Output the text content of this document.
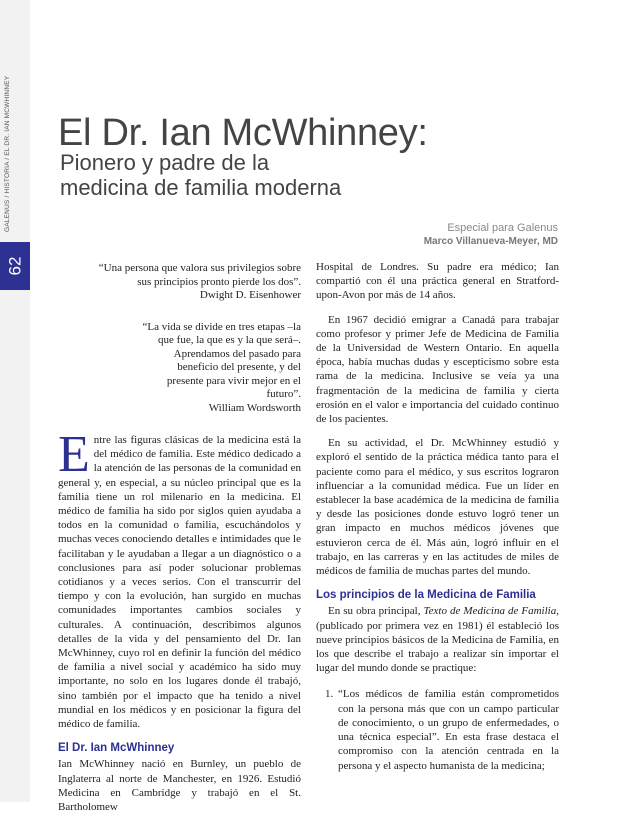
62
El Dr. Ian McWhinney:
Pionero y padre de la
medicina de familia moderna
Especial para Galenus
Marco Villanueva-Meyer, MD
“Una persona que valora sus privilegios sobre sus principios pronto pierde los dos”.
Dwight D. Eisenhower
“La vida se divide en tres etapas –la que fue, la que es y la que será–. Aprendamos del pasado para beneficio del presente, y del presente para vivir mejor en el futuro”.
William Wordsworth

Entre las figuras clásicas de la medicina está la del médico de familia. Este médico dedicado a la atención de las personas de la comunidad en general y, en especial, a su núcleo principal que es la familia tiene un rol milenario en la medicina. El médico de familia ha sido por siglos quien ayudaba a todos en la comunidad o familia, escuchándolos y muchas veces conociendo detalles e intimidades que le facilitaban y le ayudaban a llegar a un diagnóstico o a conclusiones para así poder solucionar problemas cotidianos y a veces serios. Con el transcurrir del tiempo y con la evolución, han surgido en muchas comunidades importantes cambios sociales y culturales. A continuación, describimos algunos detalles de la vida y del pensamiento del Dr. Ian McWhinney, cuyo rol en definir la función del médico de familia a nivel social y académico ha sido muy importante, no solo en los lugares donde él trabajó, sino también por el impacto que ha tenido a nivel mundial en los médicos y en posicionar la figura del médico de familia.

El Dr. Ian McWhinney

Ian McWhinney nació en Burnley, un pueblo de Inglaterra al norte de Manchester, en 1926. Estudió Medicina en Cambridge y trabajó en el St. Bartholomew

Hospital de Londres. Su padre era médico; Ian compartió con él una práctica general en Stratford-upon-Avon por más de 14 años.

En 1967 decidió emigrar a Canadá para trabajar como profesor y primer Jefe de Medicina de Familia de la Universidad de Western Ontario. En aquella época, había muchas dudas y escepticismo sobre esta rama de la medicina. Inclusive se veía ya una fragmentación de la medicina de familia y cierta erosión en el valor e importancia del cuidado continuo de los pacientes.

En su actividad, el Dr. McWhinney estudió y exploró el sentido de la práctica médica tanto para el paciente como para el médico, y sus escritos lograron influenciar a la comunidad médica. Fue un líder en establecer la base académica de la medicina de familia y desde las posiciones donde estuvo logró tener un gran impacto en muchos médicos jóvenes que estuvieron cerca de él. Más aún, logró influir en el trabajo, en las carreras y en las actitudes de miles de médicos de familia de muchas partes del mundo.

Los principios de la Medicina de Familia

En su obra principal, Texto de Medicina de Familia, (publicado por primera vez en 1981) él estableció los nueve principios básicos de la Medicina de Familia, en los que describe el trabajo a realizar sin importar el lugar del mundo donde se practique:

1. “Los médicos de familia están comprometidos con la persona más que con un campo particular de conocimiento, o un grupo de enfermedades, o una técnica especial”. En esta frase destaca el compromiso con la atención centrada en la persona y el aspecto humanista de la medicina;
